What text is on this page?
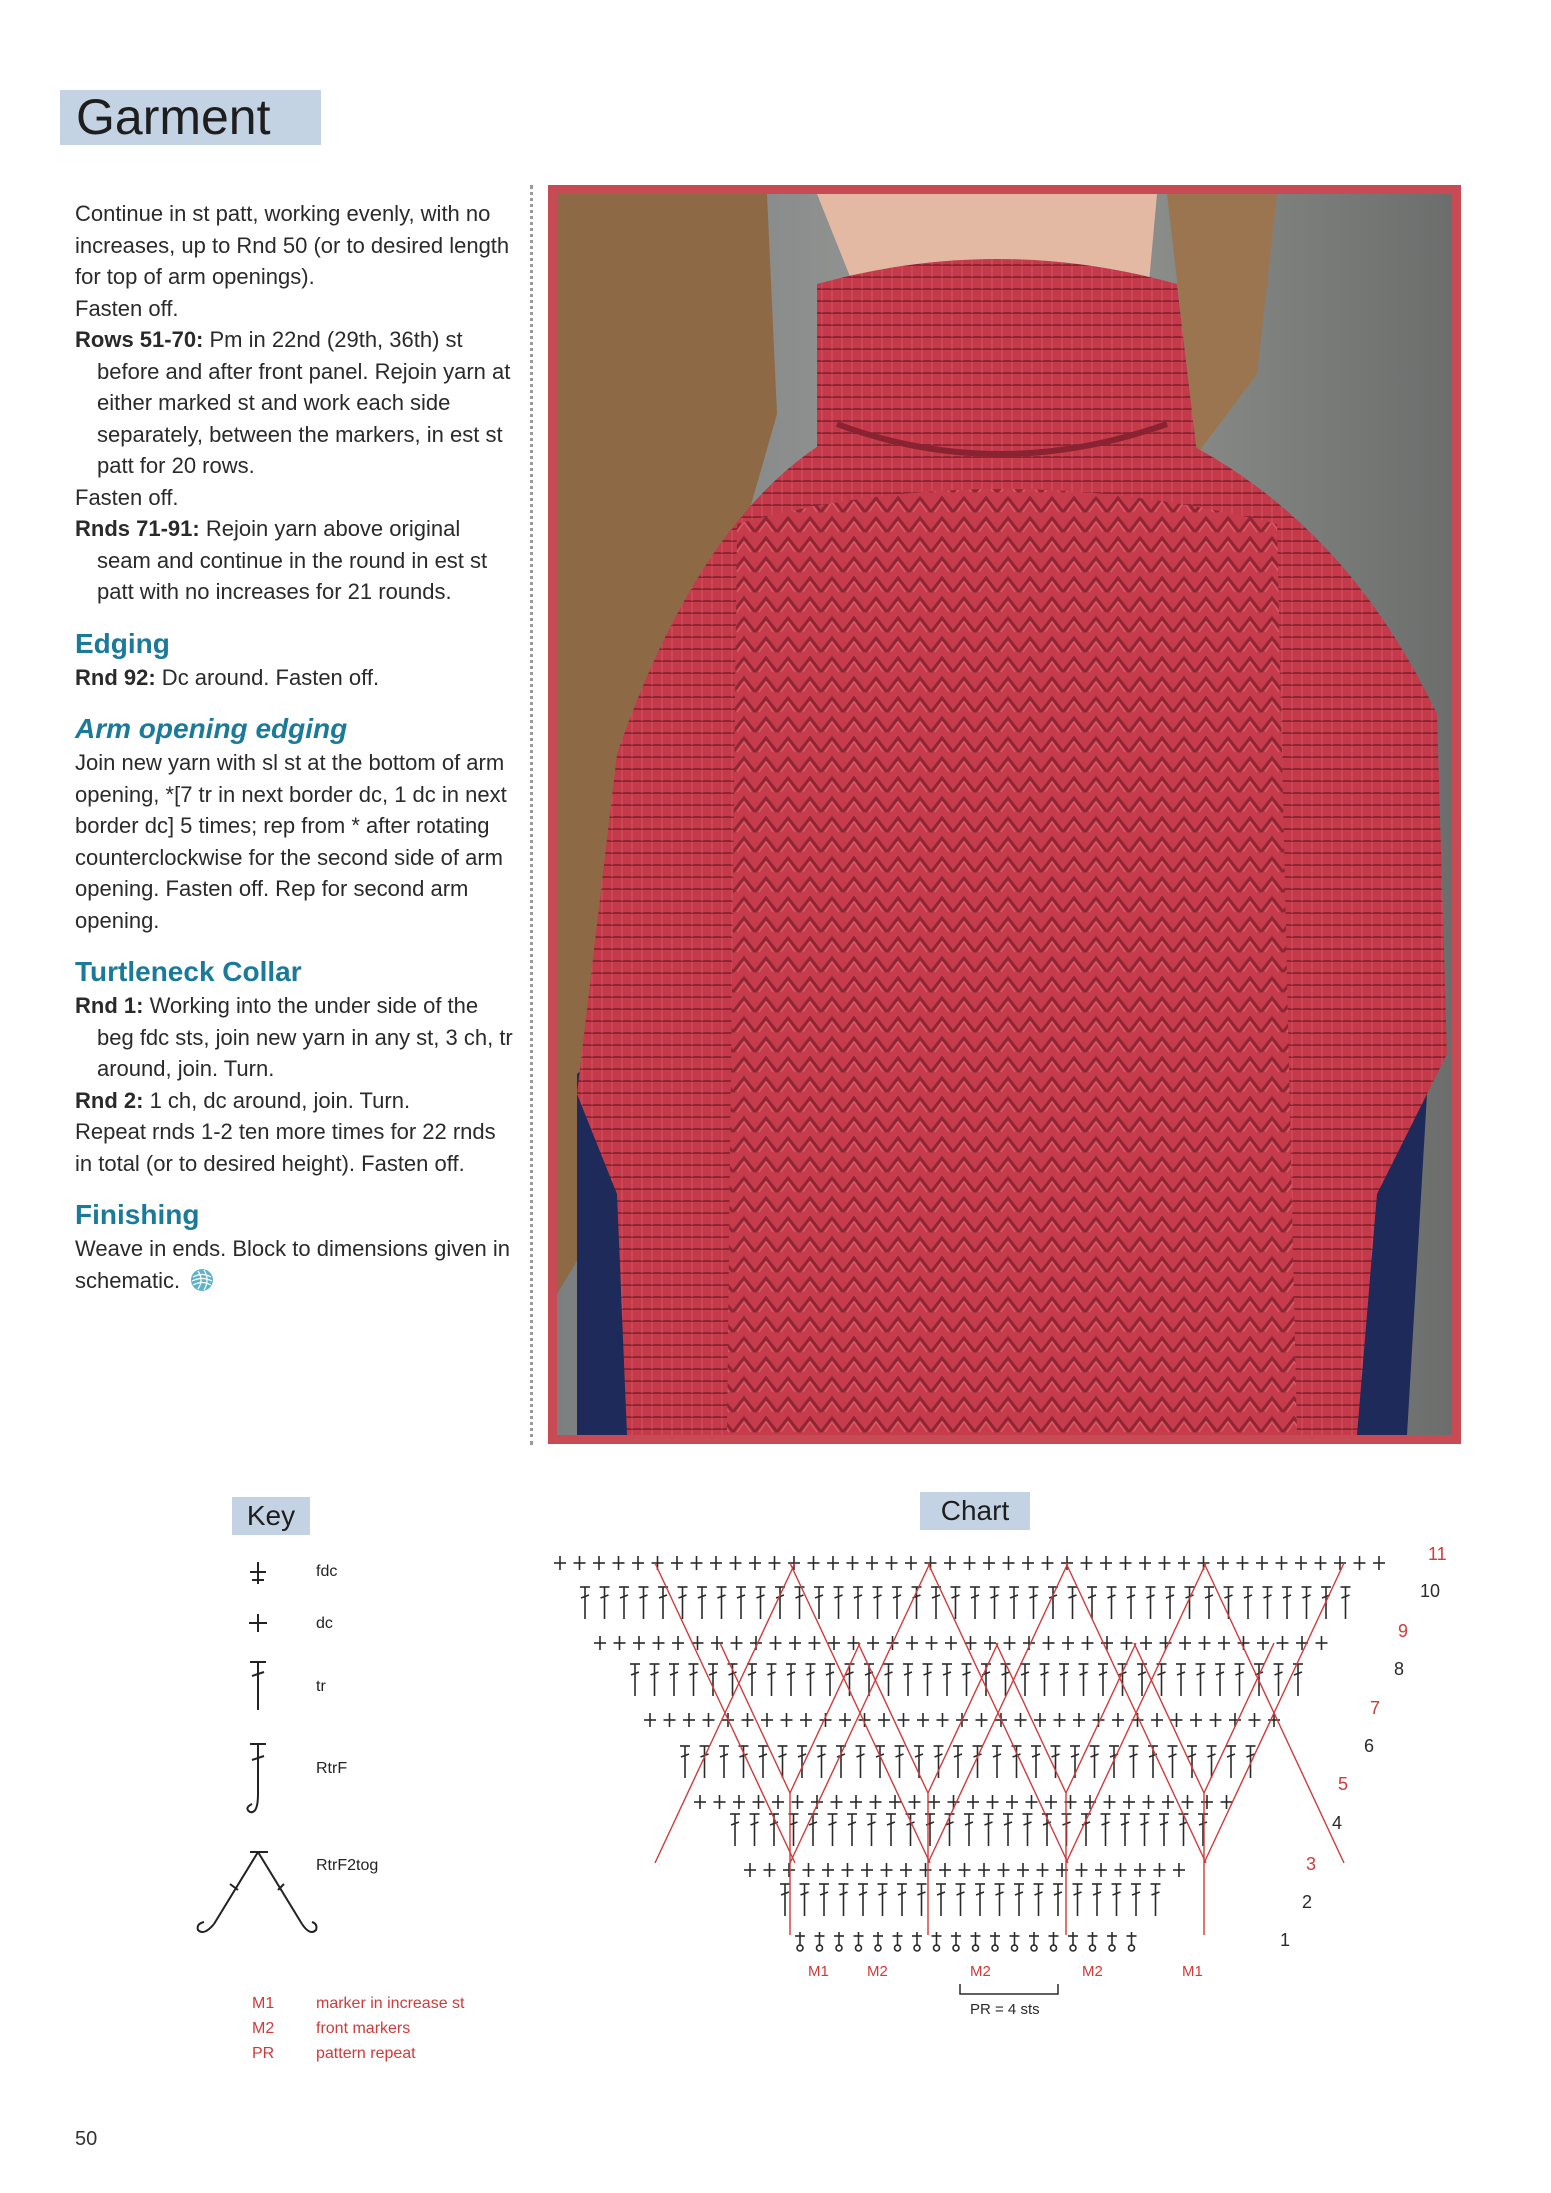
Garment

Continue in st patt, working evenly, with no increases, up to Rnd 50 (or to desired length for top of arm openings).

Fasten off.

Rows 51-70: Pm in 22nd (29th, 36th) st before and after front panel. Rejoin yarn at either marked st and work each side separately, between the markers, in est st patt for 20 rows.

Fasten off.

Rnds 71-91: Rejoin yarn above original seam and continue in the round in est st patt with no increases for 21 rounds.

Edging

Rnd 92: Dc around. Fasten off.

Arm opening edging

Join new yarn with sl st at the bottom of arm opening, *[7 tr in next border dc, 1 dc in next border dc] 5 times; rep from * after rotating counterclockwise for the second side of arm opening. Fasten off. Rep for second arm opening.

Turtleneck Collar

Rnd 1: Working into the under side of the beg fdc sts, join new yarn in any st, 3 ch, tr around, join. Turn.

Rnd 2: 1 ch, dc around, join. Turn.

Repeat rnds 1-2 ten more times for 22 rnds in total (or to desired height). Fasten off.

Finishing

Weave in ends. Block to dimensions given in schematic.

Key	Chart
fdc
dc
tr
RtrF
RtrF2tog
M1	marker in increase st
M2	front markers
PR	pattern repeat
1
2
3
4
5
6
7
8
9
10
11
M1	M2	M2	M2	M1
PR = 4 sts
50
